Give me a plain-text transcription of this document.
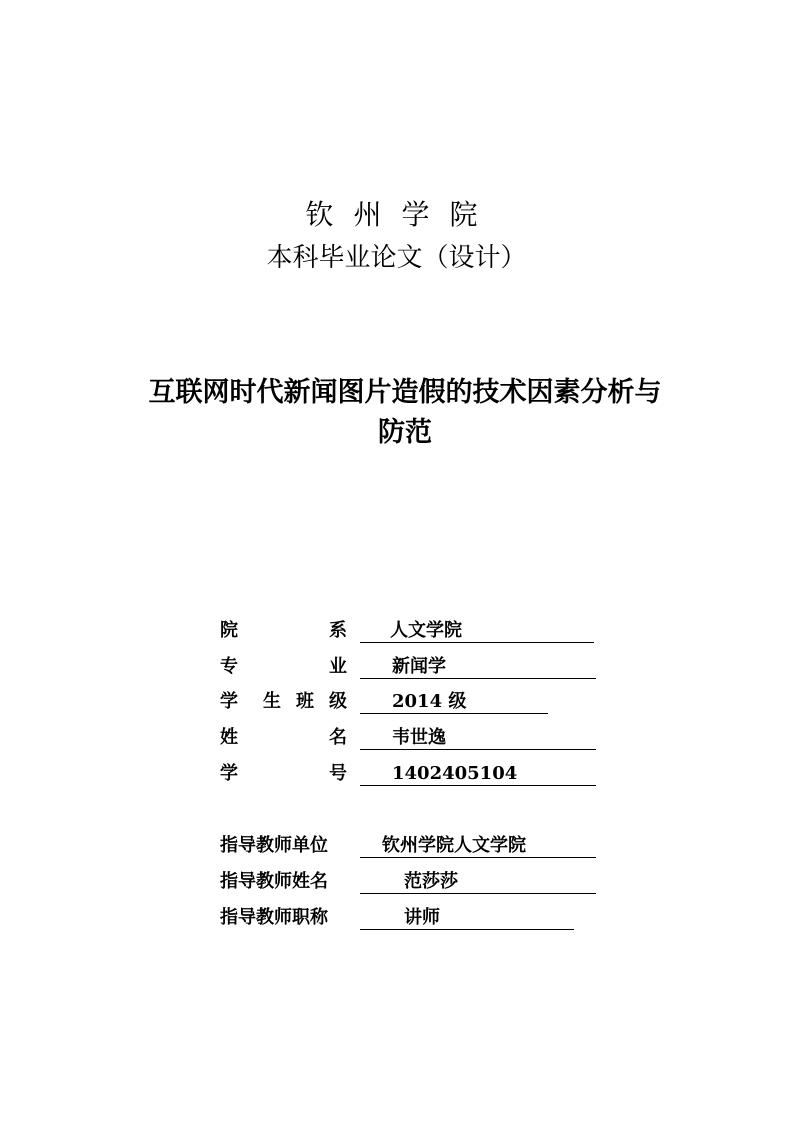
钦州学院
本科毕业论文（设计）
互联网时代新闻图片造假的技术因素分析与
防范
院	系 人文学院
专	业	新闻学
学 生 班 级	2014 级
姓	名	韦世逸
学	号	1402405104
指导教师单位	钦州学院人文学院
指导教师姓名	范莎莎
指导教师职称	讲师
